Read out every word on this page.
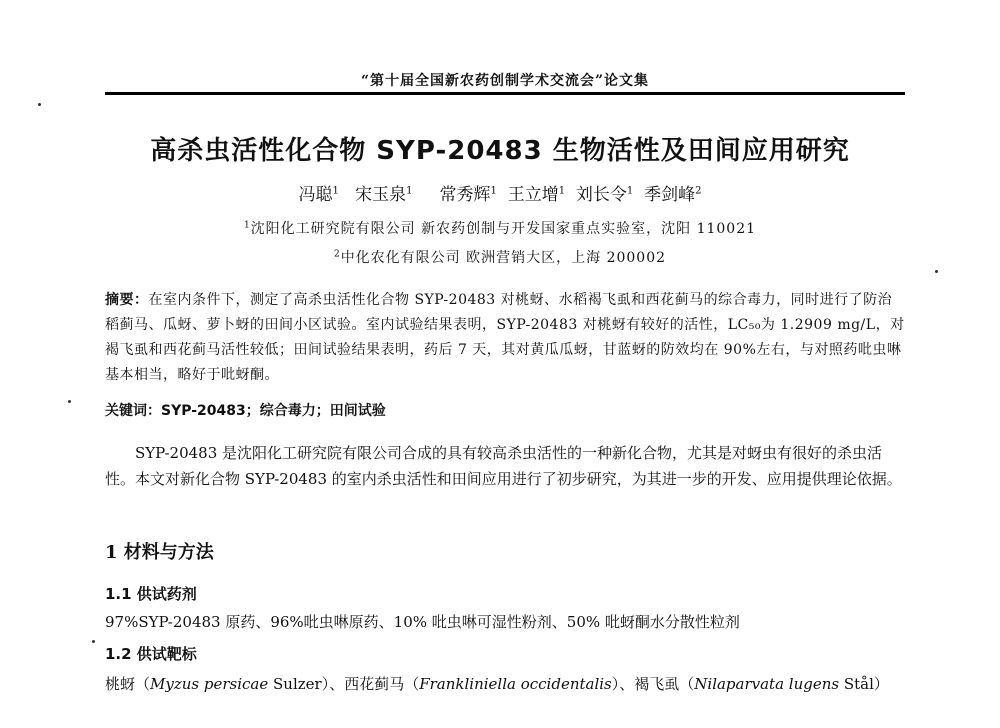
“第十届全国新农药创制学术交流会”论文集
高杀虫活性化合物 SYP-20483 生物活性及田间应用研究
冯聪$^1$ 宋玉泉$^1$ 常秀辉$^1$ 王立增$^1$ 刘长令$^1$ 季剑峰$^2$
$^1$沈阳化工研究院有限公司 新农药创制与开发国家重点实验室，沈阳 110021
$^2$中化农化有限公司 欧洲营销大区，上海 200002
摘要：在室内条件下，测定了高杀虫活性化合物 SYP-20483 对桃蚜、水稻褐飞虱和西花蓟马的综合毒力，同时进行了防治稻蓟马、瓜蚜、萝卜蚜的田间小区试验。室内试验结果表明，SYP-20483 对桃蚜有较好的活性，LC₅₀为 1.2909 mg/L，对褐飞虱和西花蓟马活性较低；田间试验结果表明，药后 7 天，其对黄瓜瓜蚜，甘蓝蚜的防效均在 90%左右，与对照药吡虫啉基本相当，略好于吡蚜酮。
关键词：SYP-20483；综合毒力；田间试验
SYP-20483 是沈阳化工研究院有限公司合成的具有较高杀虫活性的一种新化合物，尤其是对蚜虫有很好的杀虫活性。本文对新化合物 SYP-20483 的室内杀虫活性和田间应用进行了初步研究，为其进一步的开发、应用提供理论依据。
1 材料与方法
1.1 供试药剂
97%SYP-20483 原药、96%吡虫啉原药、10% 吡虫啉可湿性粉剂、50% 吡蚜酮水分散性粒剂
1.2 供试靶标
桃蚜（Myzus persicae Sulzer）、西花蓟马（Frankliniella occidentalis）、褐飞虱（Nilaparvata lugens Stål）
